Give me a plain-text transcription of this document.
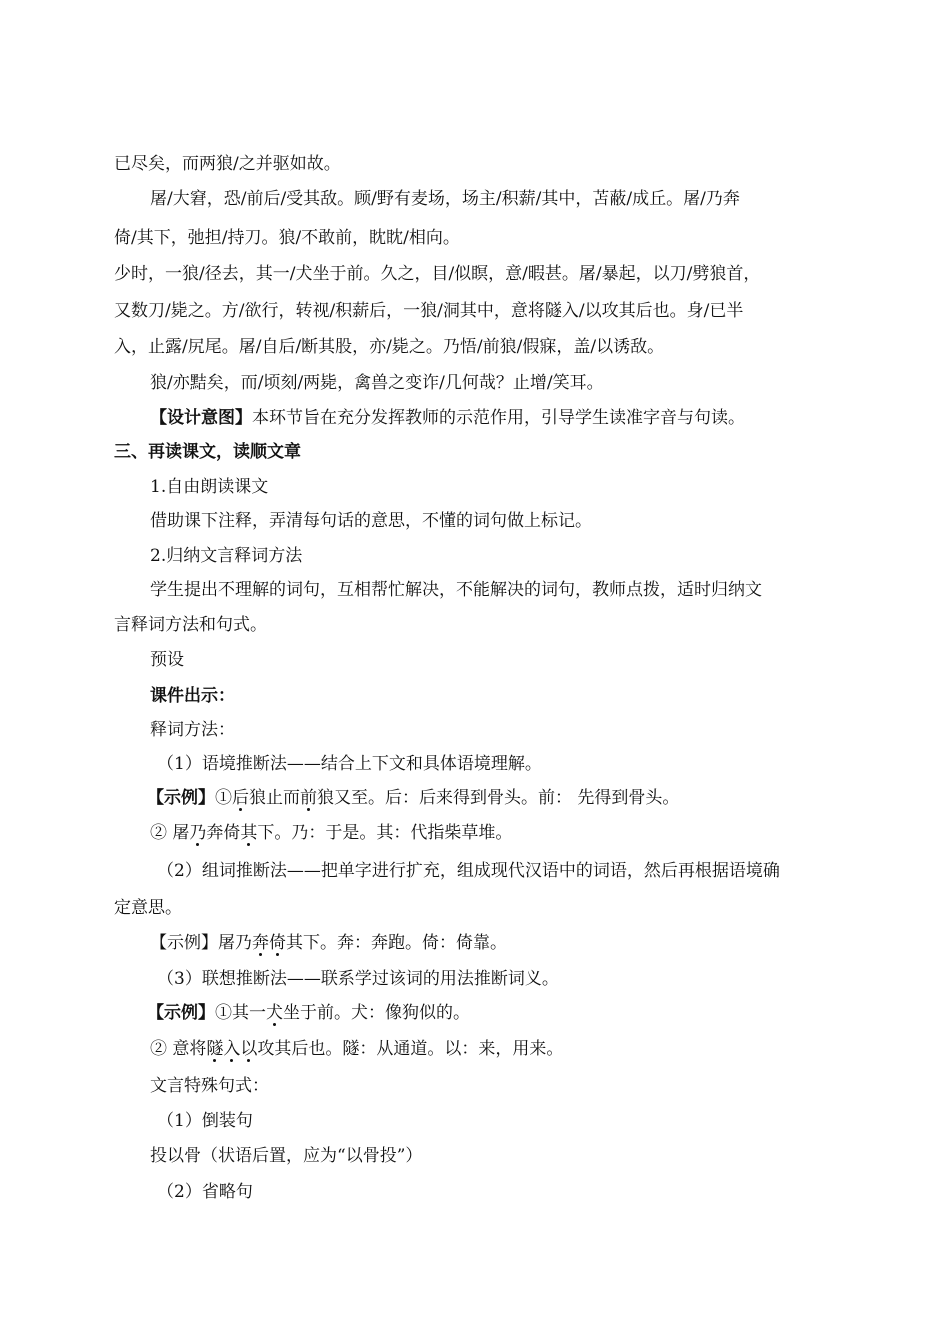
已尽矣，而两狼/之并驱如故。
屠/大窘，恐/前后/受其敌。顾/野有麦场，场主/积薪/其中，苫蔽/成丘。屠/乃奔
倚/其下，弛担/持刀。狼/不敢前，眈眈/相向。
少时，一狼/径去，其一/犬坐于前。久之，目/似瞑，意/暇甚。屠/暴起，以刀/劈狼首，
又数刀/毙之。方/欲行，转视/积薪后，一狼/洞其中，意将隧入/以攻其后也。身/已半
入，止露/尻尾。屠/自后/断其股，亦/毙之。乃悟/前狼/假寐，盖/以诱敌。
狼/亦黠矣，而/顷刻/两毙，禽兽之变诈/几何哉？止增/笑耳。
【设计意图】本环节旨在充分发挥教师的示范作用，引导学生读准字音与句读。
三、再读课文，读顺文章
1.自由朗读课文
借助课下注释，弄清每句话的意思，不懂的词句做上标记。
2.归纳文言释词方法
学生提出不理解的词句，互相帮忙解决，不能解决的词句，教师点拨，适时归纳文
言释词方法和句式。
预设
课件出示：
释词方法：
（1）语境推断法——结合上下文和具体语境理解。
【示例】①后狼止而前狼又至。后：后来得到骨头。前： 先得到骨头。
② 屠乃奔倚其下。乃：于是。其：代指柴草堆。
（2）组词推断法——把单字进行扩充，组成现代汉语中的词语，然后再根据语境确
定意思。
【示例】屠乃奔倚其下。奔：奔跑。倚：倚靠。
（3）联想推断法——联系学过该词的用法推断词义。
【示例】①其一犬坐于前。犬：像狗似的。
② 意将隧入以攻其后也。隧：从通道。以：来，用来。
文言特殊句式：
（1）倒装句
投以骨（状语后置，应为“以骨投”）
（2）省略句
